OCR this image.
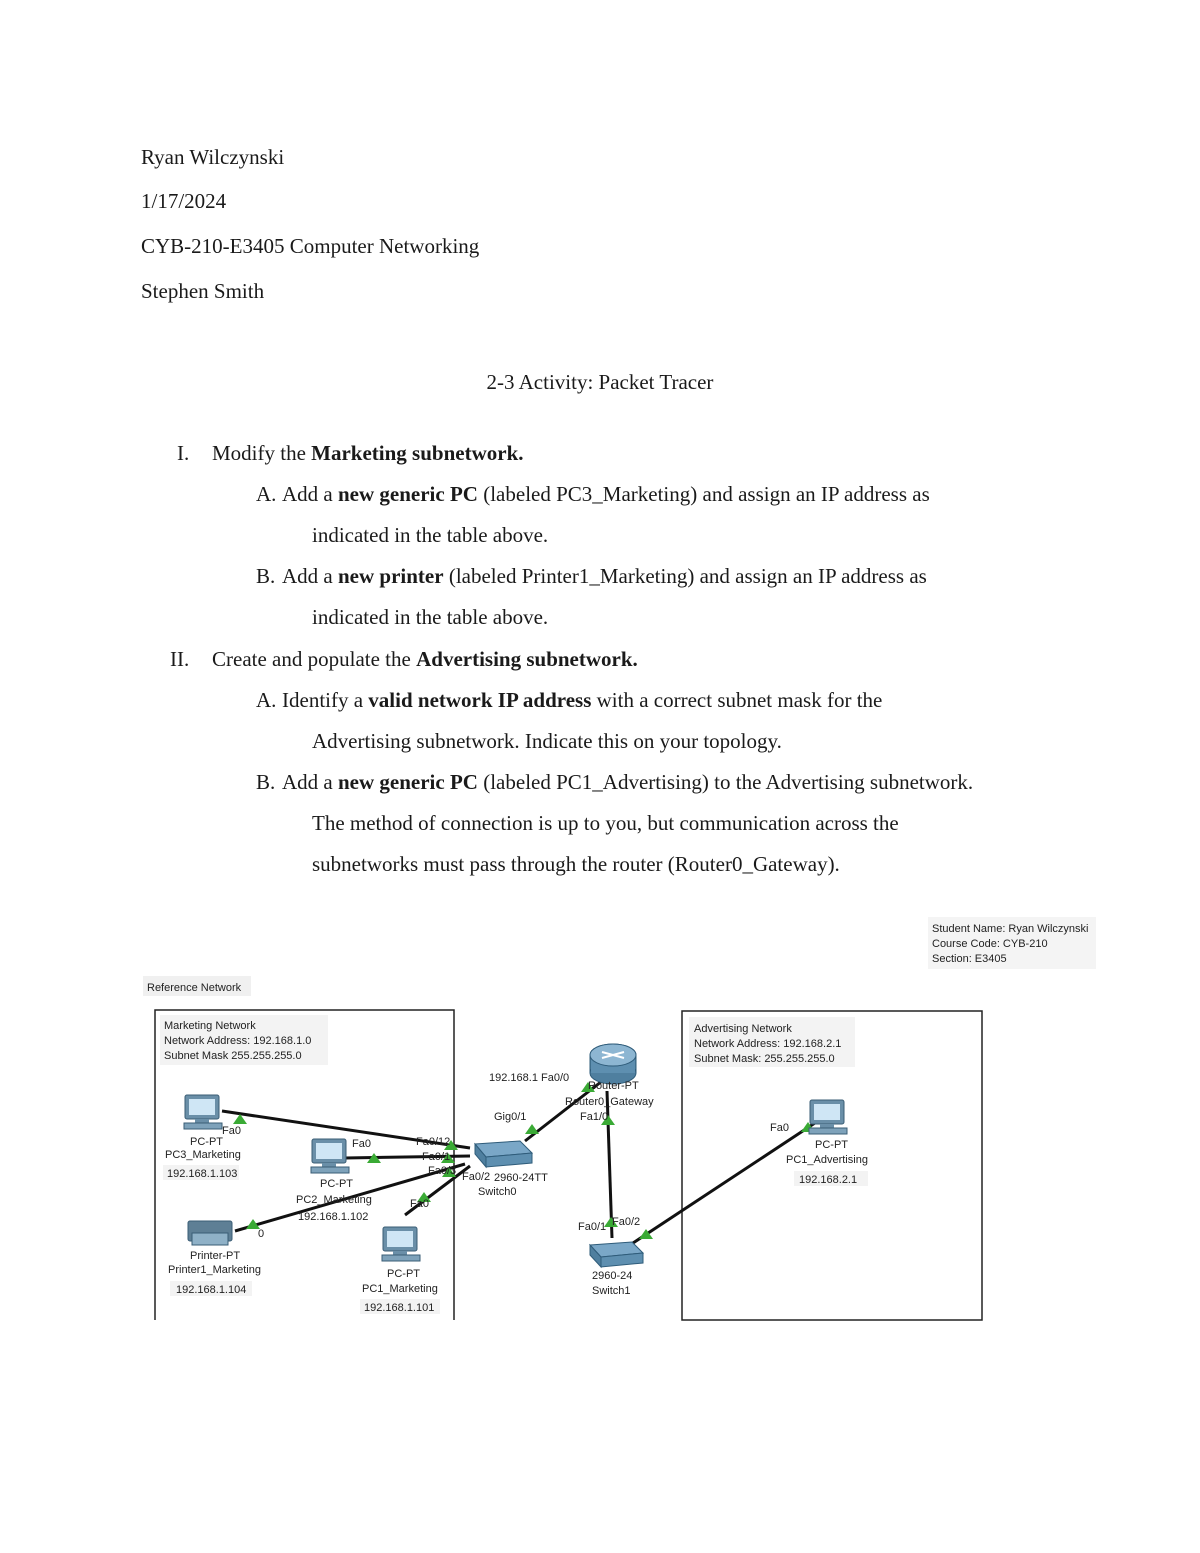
Ryan Wilczynski
1/17/2024
CYB-210-E3405 Computer Networking
Stephen Smith
2-3 Activity: Packet Tracer
I. Modify the Marketing subnetwork.
A. Add a new generic PC (labeled PC3_Marketing) and assign an IP address as
indicated in the table above.
B. Add a new printer (labeled Printer1_Marketing) and assign an IP address as
indicated in the table above.
II. Create and populate the Advertising subnetwork.
A. Identify a valid network IP address with a correct subnet mask for the
Advertising subnetwork. Indicate this on your topology.
B. Add a new generic PC (labeled PC1_Advertising) to the Advertising subnetwork.
The method of connection is up to you, but communication across the
subnetworks must pass through the router (Router0_Gateway).
Student Name: Ryan Wilczynski
Course Code: CYB-210
Section: E3405
Reference Network
Marketing Network
Network Address: 192.168.1.0
Subnet Mask 255.255.255.0
Advertising Network
Network Address: 192.168.2.1
Subnet Mask: 255.255.255.0
Fa0
PC-PT
PC3_Marketing
192.168.1.103
Fa0
PC-PT
PC2_Marketing
192.168.1.102
0
Printer-PT
Printer1_Marketing
192.168.1.104
Fa0
PC-PT
PC1_Marketing
192.168.1.101
Fa0/12
Fa0/1
Fa0/3 Fa0/2 2960-24TT
Switch0
Gig0/1
192.168.1 Fa0/0
Router-PT
Router0_Gateway
Fa1/0
Fa0/1 Fa0/2
2960-24
Switch1
Fa0
PC-PT
PC1_Advertising
192.168.2.1
